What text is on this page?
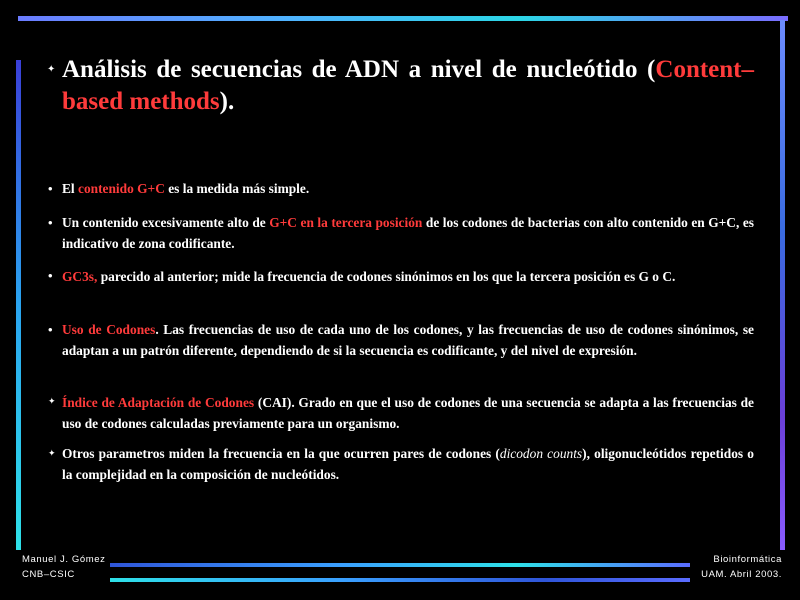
✦ Análisis de secuencias de ADN a nivel de nucleótido (Content–based methods).
• El contenido G+C es la medida más simple.
• Un contenido excesivamente alto de G+C en la tercera posición de los codones de bacterias con alto contenido en G+C, es indicativo de zona codificante.
• GC3s, parecido al anterior; mide la frecuencia de codones sinónimos en los que la tercera posición es G o C.
• Uso de Codones. Las frecuencias de uso de cada uno de los codones, y las frecuencias de uso de codones sinónimos, se adaptan a un patrón diferente, dependiendo de si la secuencia es codificante, y del nivel de expresión.
✦ Índice de Adaptación de Codones (CAI). Grado en que el uso de codones de una secuencia se adapta a las frecuencias de uso de codones calculadas previamente para un organismo.
✦ Otros parametros miden la frecuencia en la que ocurren pares de codones (dicodon counts), oligonucleótidos repetidos o la complejidad en la composición de nucleótidos.
Manuel J. Gómez
CNB–CSIC
Bioinformática
UAM. Abril 2003.
